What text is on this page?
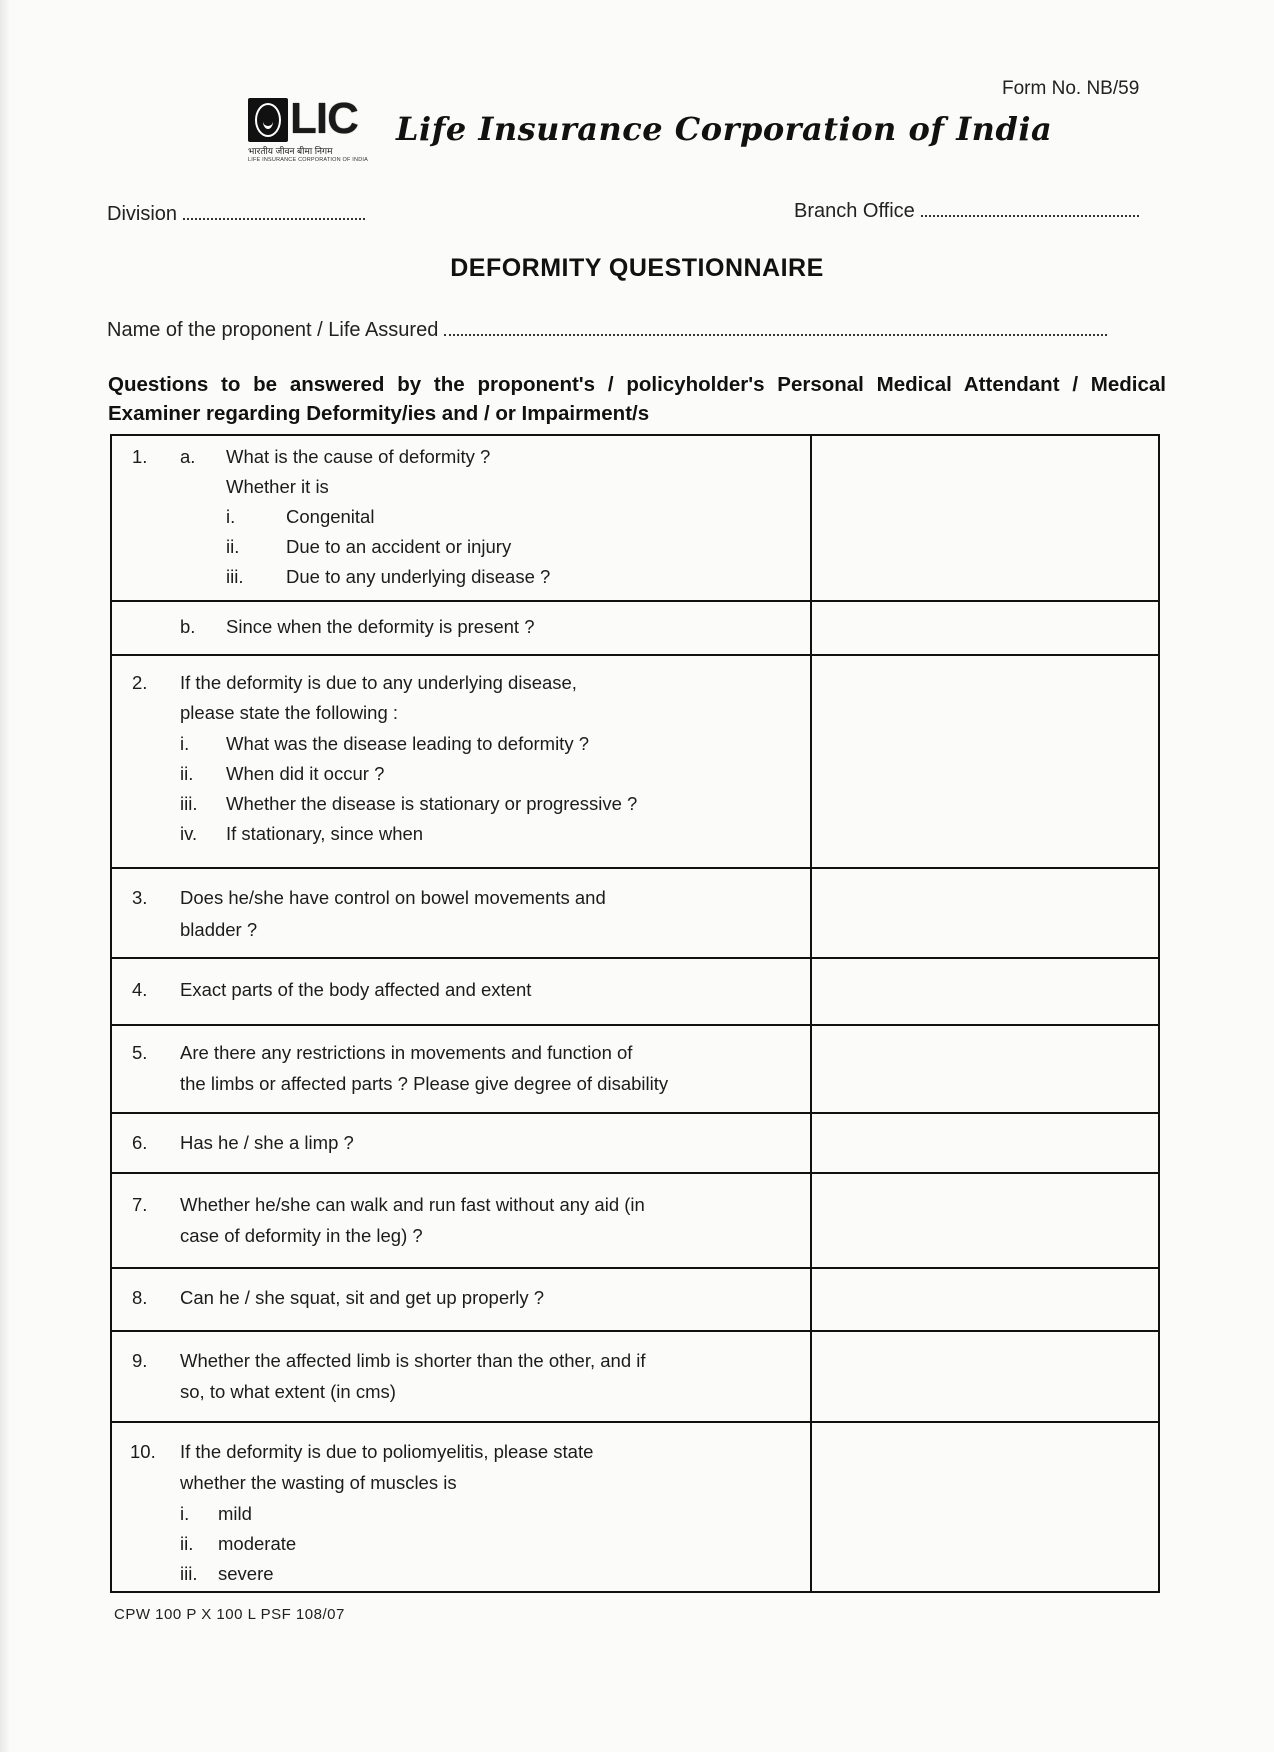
Form No. NB/59
LIC
भारतीय जीवन बीमा निगम
LIFE INSURANCE CORPORATION OF INDIA
Life Insurance Corporation of India
Division	Branch Office
DEFORMITY QUESTIONNAIRE
Name of the proponent / Life Assured
Questions to be answered by the proponent's / policyholder's Personal Medical Attendant / Medical Examiner regarding Deformity/ies and / or Impairment/s
1. a. What is the cause of deformity ?
Whether it is
i.	Congenital
ii.	Due to an accident or injury
iii. Due to any underlying disease ?
b. Since when the deformity is present ?
2. If the deformity is due to any underlying disease,
please state the following :
i. What was the disease leading to deformity ?
ii. When did it occur ?
iii. Whether the disease is stationary or progressive ?
iv. If stationary, since when
3. Does he/she have control on bowel movements and
bladder ?
4. Exact parts of the body affected and extent
5. Are there any restrictions in movements and function of
the limbs or affected parts ? Please give degree of disability
6. Has he / she a limp ?
7. Whether he/she can walk and run fast without any aid (in
case of deformity in the leg) ?
8. Can he / she squat, sit and get up properly ?
9. Whether the affected limb is shorter than the other, and if
so, to what extent (in cms)
10. If the deformity is due to poliomyelitis, please state
whether the wasting of muscles is
i. mild
ii. moderate
iii. severe
CPW 100 P X 100 L PSF 108/07
